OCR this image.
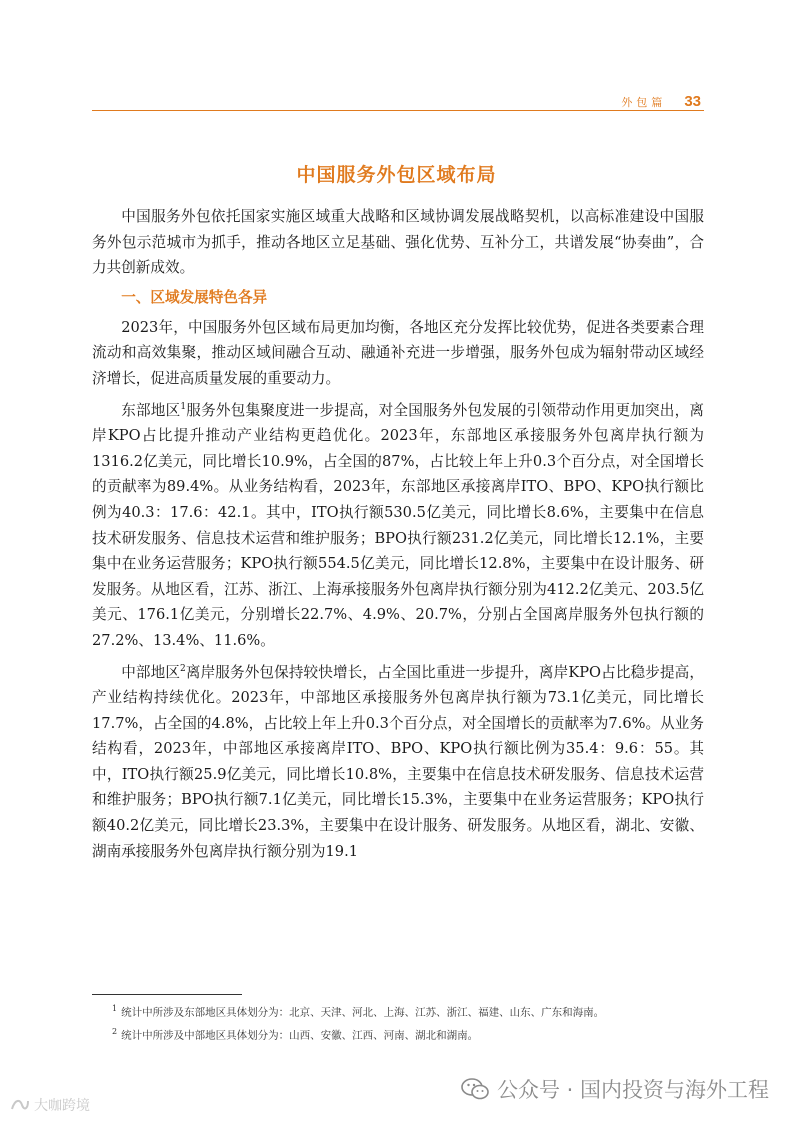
外包篇 33
中国服务外包区域布局

中国服务外包依托国家实施区域重大战略和区域协调发展战略契机，以高标准建设中国服务外包示范城市为抓手，推动各地区立足基础、强化优势、互补分工，共谱发展“协奏曲”，合力共创新成效。

一、区域发展特色各异

2023年，中国服务外包区域布局更加均衡，各地区充分发挥比较优势，促进各类要素合理流动和高效集聚，推动区域间融合互动、融通补充进一步增强，服务外包成为辐射带动区域经济增长，促进高质量发展的重要动力。

东部地区$^1$服务外包集聚度进一步提高，对全国服务外包发展的引领带动作用更加突出，离岸KPO占比提升推动产业结构更趋优化。2023年，东部地区承接服务外包离岸执行额为1316.2亿美元，同比增长10.9%，占全国的87%，占比较上年上升0.3个百分点，对全国增长的贡献率为89.4%。从业务结构看，2023年，东部地区承接离岸ITO、BPO、KPO执行额比例为40.3：17.6：42.1。其中，ITO执行额530.5亿美元，同比增长8.6%，主要集中在信息技术研发服务、信息技术运营和维护服务；BPO执行额231.2亿美元，同比增长12.1%，主要集中在业务运营服务；KPO执行额554.5亿美元，同比增长12.8%，主要集中在设计服务、研发服务。从地区看，江苏、浙江、上海承接服务外包离岸执行额分别为412.2亿美元、203.5亿美元、176.1亿美元，分别增长22.7%、4.9%、20.7%，分别占全国离岸服务外包执行额的27.2%、13.4%、11.6%。

中部地区$^2$离岸服务外包保持较快增长，占全国比重进一步提升，离岸KPO占比稳步提高，产业结构持续优化。2023年，中部地区承接服务外包离岸执行额为73.1亿美元，同比增长17.7%，占全国的4.8%，占比较上年上升0.3个百分点，对全国增长的贡献率为7.6%。从业务结构看，2023年，中部地区承接离岸ITO、BPO、KPO执行额比例为35.4：9.6：55。其中，ITO执行额25.9亿美元，同比增长10.8%，主要集中在信息技术研发服务、信息技术运营和维护服务；BPO执行额7.1亿美元，同比增长15.3%，主要集中在业务运营服务；KPO执行额40.2亿美元，同比增长23.3%，主要集中在设计服务、研发服务。从地区看，湖北、安徽、湖南承接服务外包离岸执行额分别为19.1

$^1$ 统计中所涉及东部地区具体划分为：北京、天津、河北、上海、江苏、浙江、福建、山东、广东和海南。

$^2$ 统计中所涉及中部地区具体划分为：山西、安徽、江西、河南、湖北和湖南。

公众号 · 国内投资与海外工程
大咖跨境
